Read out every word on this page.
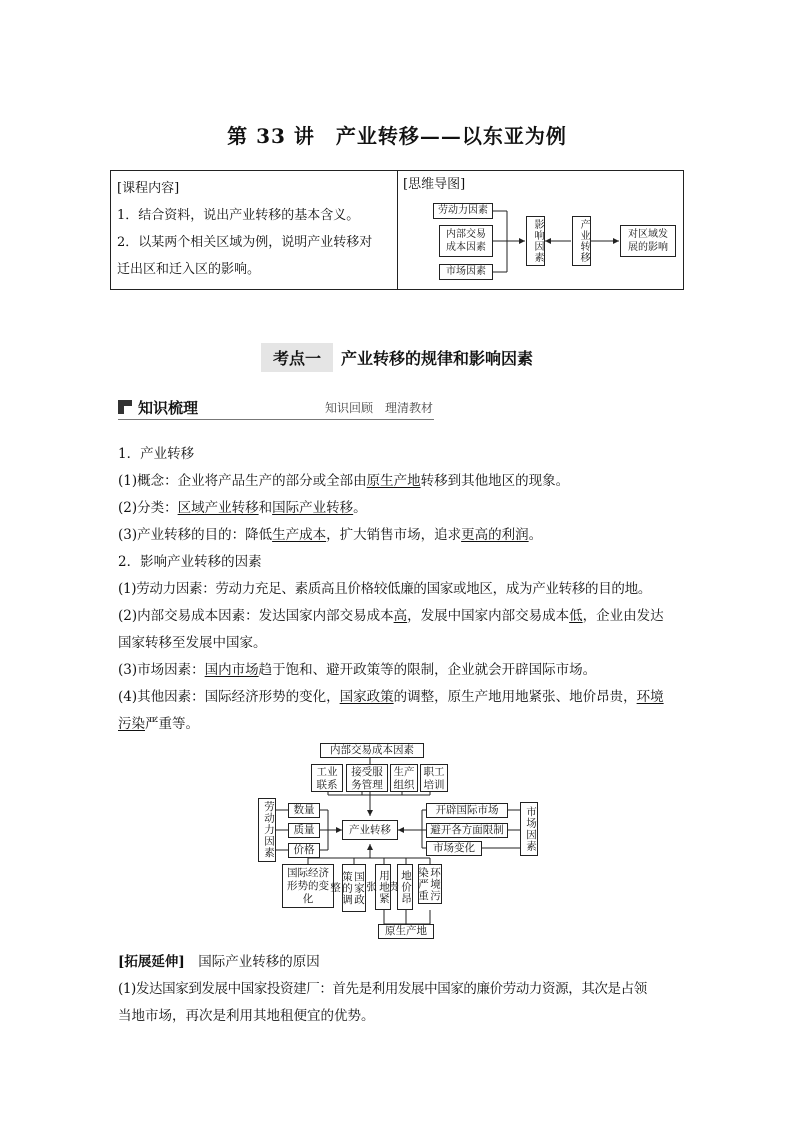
第 33 讲　产业转移——以东亚为例
[课程内容]
1．结合资料，说出产业转移的基本含义。
2．以某两个相关区域为例，说明产业转移对
迁出区和迁入区的影响。
[思维导图]
劳动力因素
内部交易成本因素
市场因素
影响因素	产业转移	对区域发展的影响
考点一 产业转移的规律和影响因素
知识梳理	知识回顾　理清教材
1．产业转移
(1)概念：企业将产品生产的部分或全部由原生产地转移到其他地区的现象。
(2)分类：区域产业转移和国际产业转移。
(3)产业转移的目的：降低生产成本，扩大销售市场，追求更高的利润。
2．影响产业转移的因素
(1)劳动力因素：劳动力充足、素质高且价格较低廉的国家或地区，成为产业转移的目的地。
(2)内部交易成本因素：发达国家内部交易成本高，发展中国家内部交易成本低，企业由发达
国家转移至发展中国家。
(3)市场因素：国内市场趋于饱和、避开政策等的限制，企业就会开辟国际市场。
(4)其他因素：国际经济形势的变化，国家政策的调整，原生产地用地紧张、地价昂贵，环境
污染严重等。
内部交易成本因素
工业联系
接受服务管理
生产组织
职工培训
劳动力因素	数量
质量
价格
产业转移
开辟国际市场
避开各方面限制
市场变化	市场因素
国际经济形势的变化	国家政策的调整	用地紧张	地价昂贵	环境污染严重
原生产地
[拓展延伸]　 国际产业转移的原因
(1)发达国家到发展中国家投资建厂：首先是利用发展中国家的廉价劳动力资源，其次是占领
当地市场，再次是利用其地租便宜的优势。
